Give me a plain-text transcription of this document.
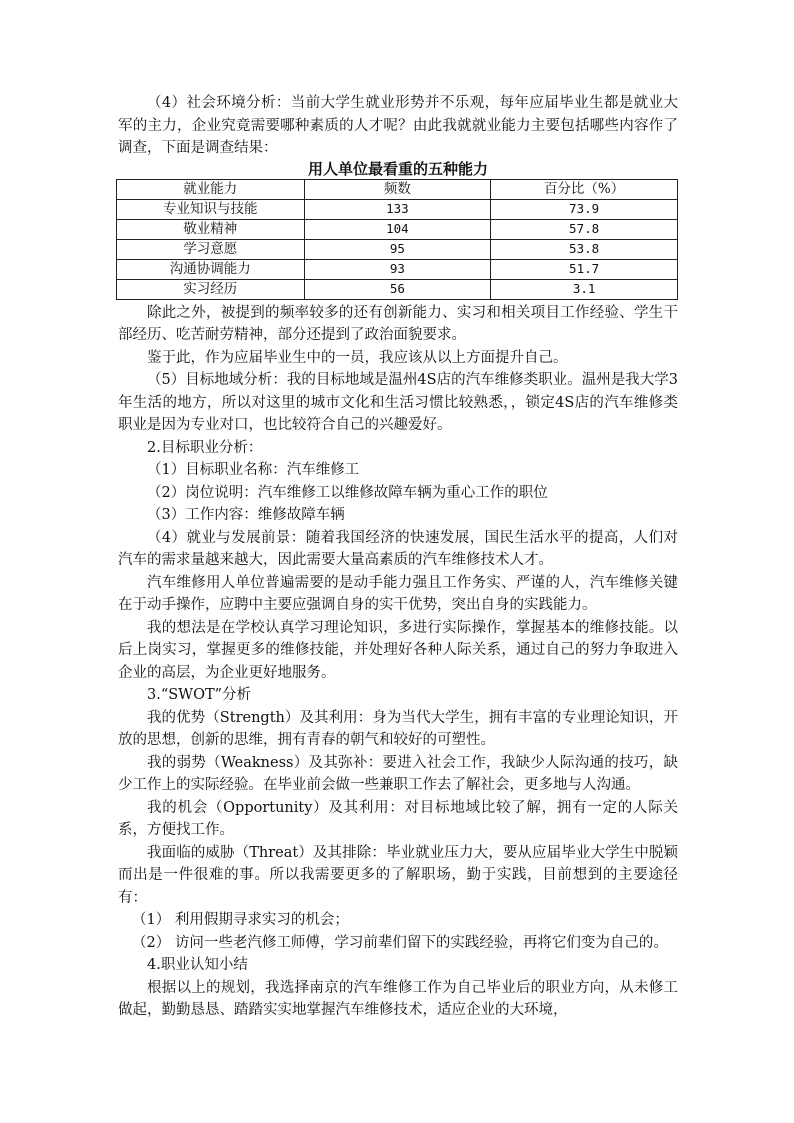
（4）社会环境分析：当前大学生就业形势并不乐观，每年应届毕业生都是就业大军的主力，企业究竟需要哪种素质的人才呢？由此我就就业能力主要包括哪些内容作了调查，下面是调查结果：

用人单位最看重的五种能力

就业能力	频数	百分比（%）
专业知识与技能	133	73.9
敬业精神	104	57.8
学习意愿	95	53.8
沟通协调能力	93	51.7
实习经历	56	3.1

除此之外，被提到的频率较多的还有创新能力、实习和相关项目工作经验、学生干部经历、吃苦耐劳精神，部分还提到了政治面貌要求。

鉴于此，作为应届毕业生中的一员，我应该从以上方面提升自己。

（5）目标地域分析：我的目标地域是温州4S店的汽车维修类职业。温州是我大学3年生活的地方，所以对这里的城市文化和生活习惯比较熟悉，，锁定4S店的汽车维修类职业是因为专业对口，也比较符合自己的兴趣爱好。

2.目标职业分析：

（1）目标职业名称：汽车维修工

（2）岗位说明：汽车维修工以维修故障车辆为重心工作的职位

（3）工作内容：维修故障车辆

（4）就业与发展前景：随着我国经济的快速发展，国民生活水平的提高，人们对汽车的需求量越来越大，因此需要大量高素质的汽车维修技术人才。

汽车维修用人单位普遍需要的是动手能力强且工作务实、严谨的人，汽车维修关键在于动手操作，应聘中主要应强调自身的实干优势，突出自身的实践能力。

我的想法是在学校认真学习理论知识，多进行实际操作，掌握基本的维修技能。以后上岗实习，掌握更多的维修技能，并处理好各种人际关系，通过自己的努力争取进入企业的高层，为企业更好地服务。

3.“SWOT”分析

我的优势（Strength）及其利用：身为当代大学生，拥有丰富的专业理论知识，开放的思想，创新的思维，拥有青春的朝气和较好的可塑性。

我的弱势（Weakness）及其弥补：要进入社会工作，我缺少人际沟通的技巧，缺少工作上的实际经验。在毕业前会做一些兼职工作去了解社会，更多地与人沟通。

我的机会（Opportunity）及其利用：对目标地域比较了解，拥有一定的人际关系，方便找工作。

我面临的威胁（Threat）及其排除：毕业就业压力大，要从应届毕业大学生中脱颖而出是一件很难的事。所以我需要更多的了解职场，勤于实践，目前想到的主要途径有：

（1） 利用假期寻求实习的机会；

（2） 访问一些老汽修工师傅，学习前辈们留下的实践经验，再将它们变为自己的。

4.职业认知小结

根据以上的规划，我选择南京的汽车维修工作为自己毕业后的职业方向，从未修工做起，勤勤恳恳、踏踏实实地掌握汽车维修技术，适应企业的大环境，
